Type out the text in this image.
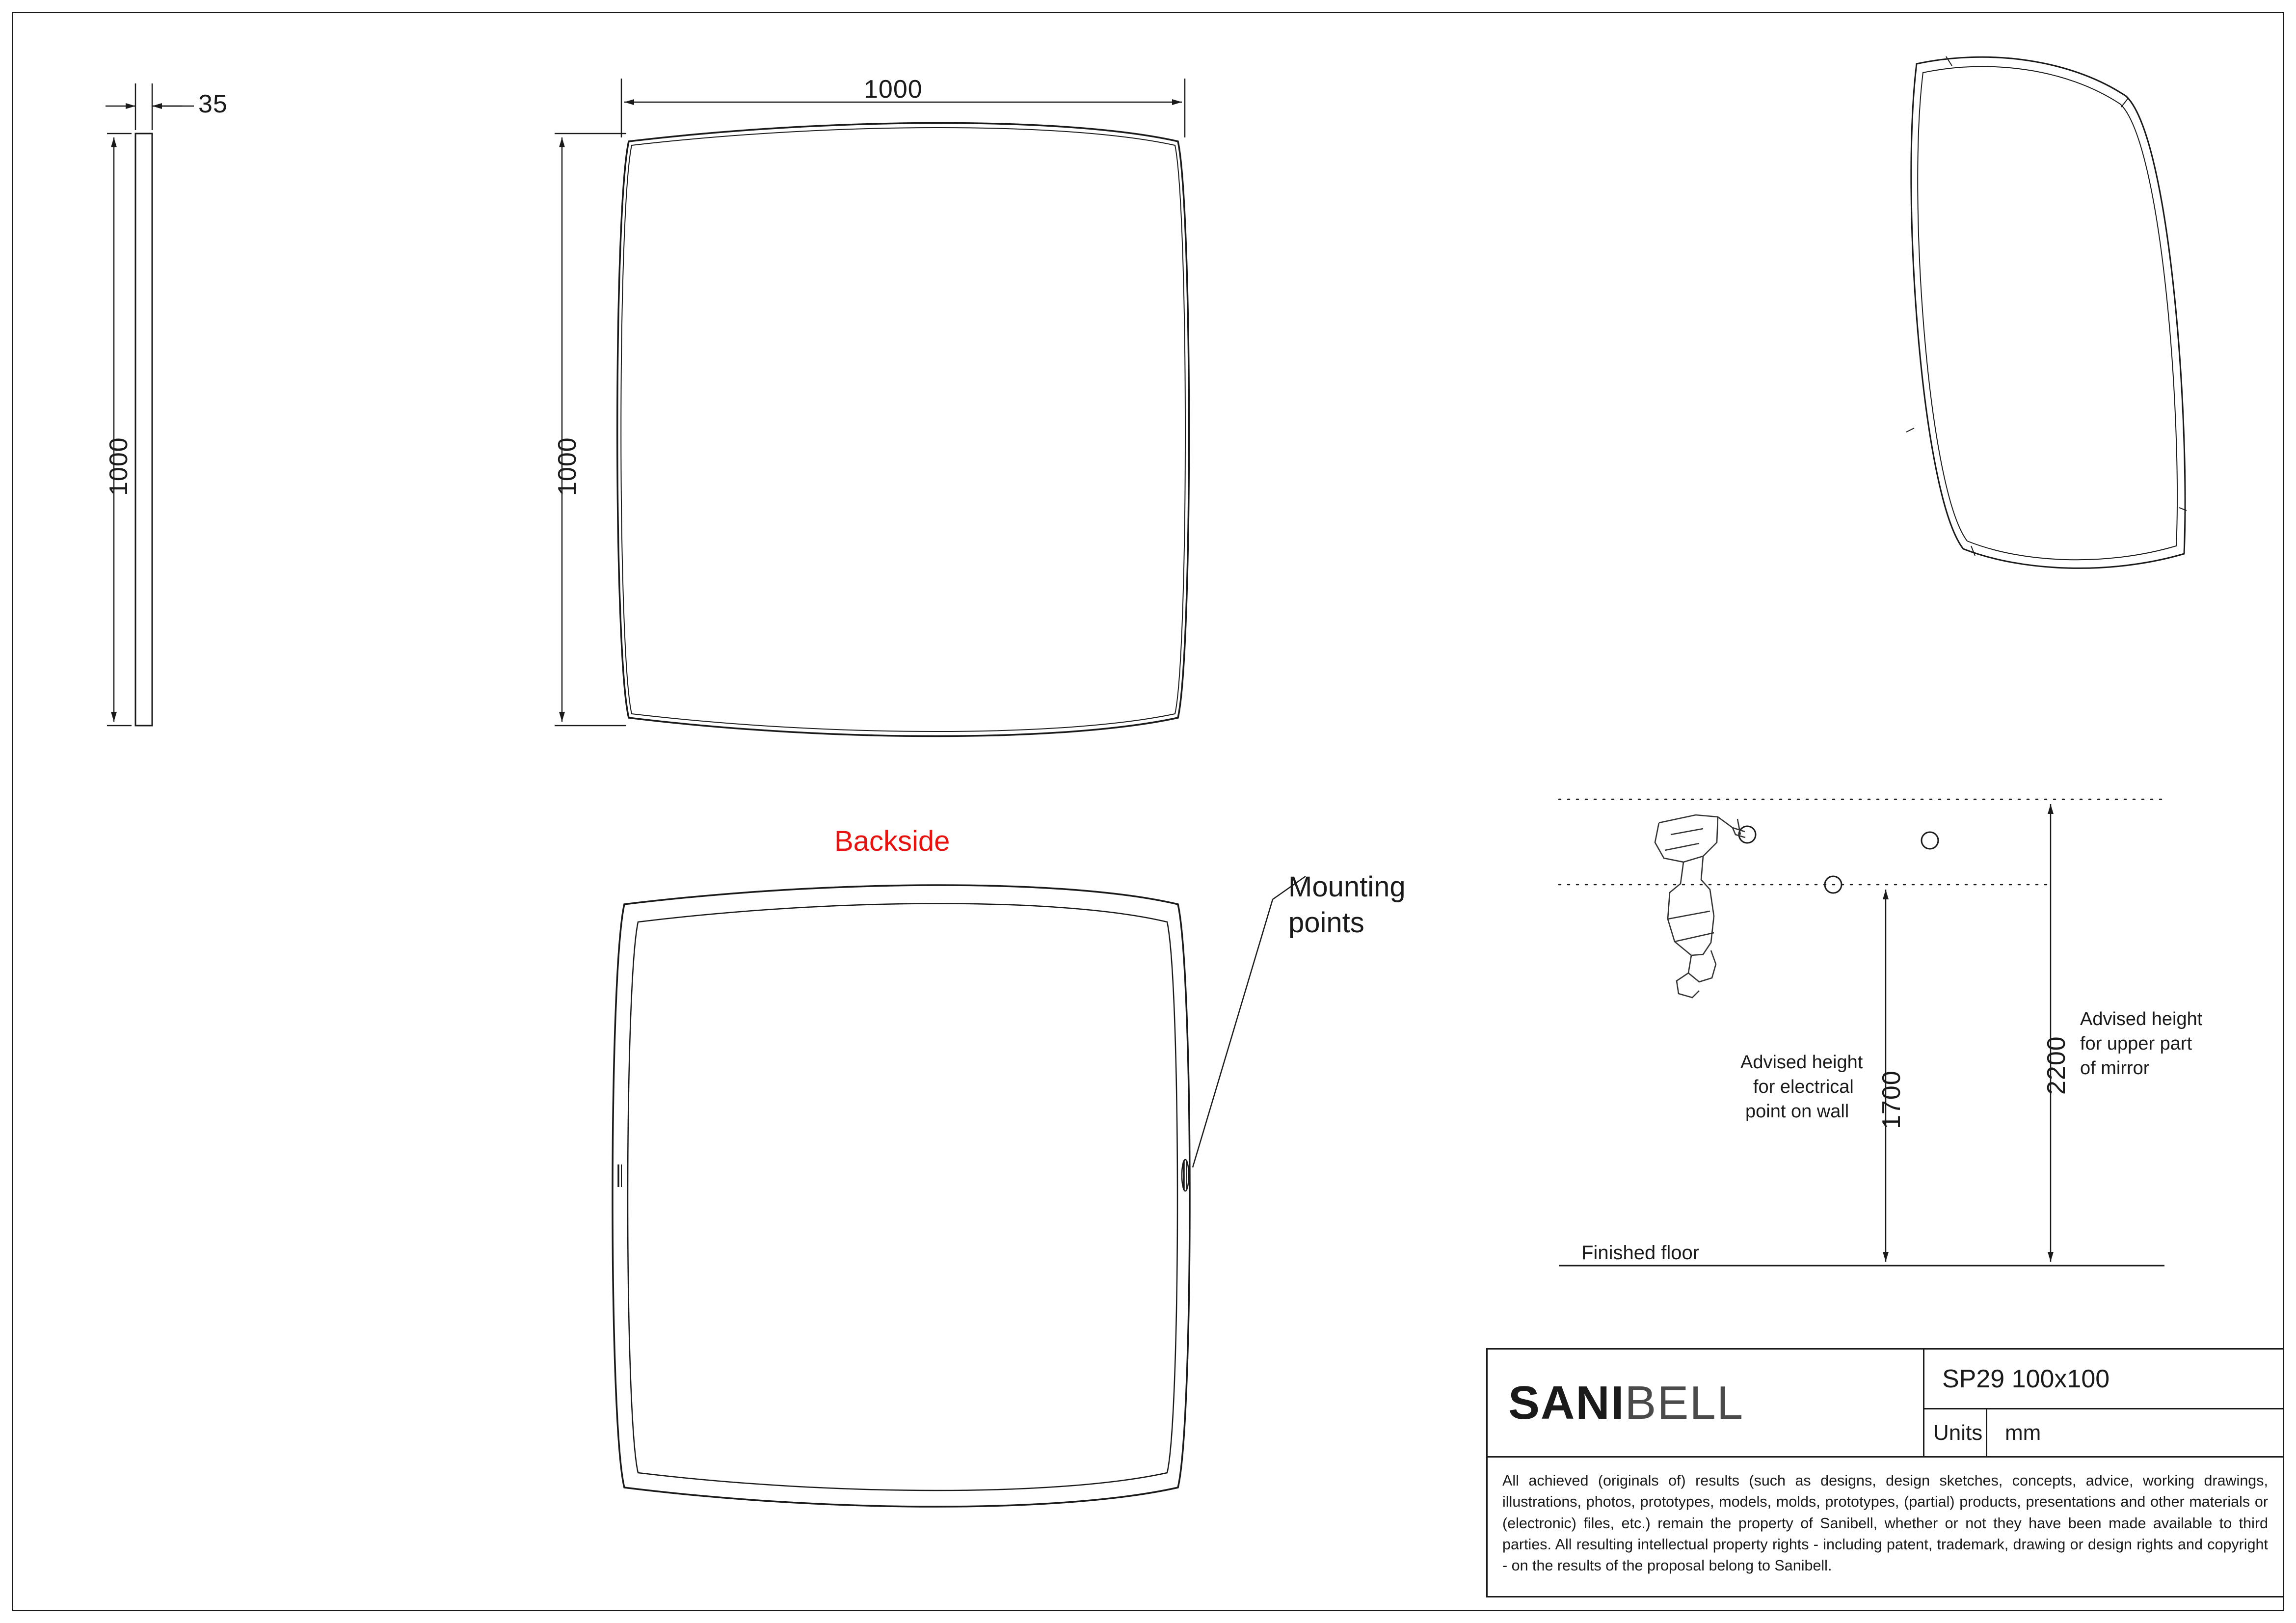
35
1000
1000
1000
Backside
Mounting
points
Finished floor
Advised height
for electrical
point on wall 1700
2200
Advised height
for upper part
of mirror
SANI BELL	SP29 100x100
Units	mm
All achieved (originals of) results (such as designs, design sketches, concepts, advice, working drawings, illustrations, photos, prototypes, models, molds, prototypes, (partial) products, presentations and other materials or (electronic) files, etc.) remain the property of Sanibell, whether or not they have been made available to third parties. All resulting intellectual property rights - including patent, trademark, drawing or design rights and copyright - on the results of the proposal belong to Sanibell.
